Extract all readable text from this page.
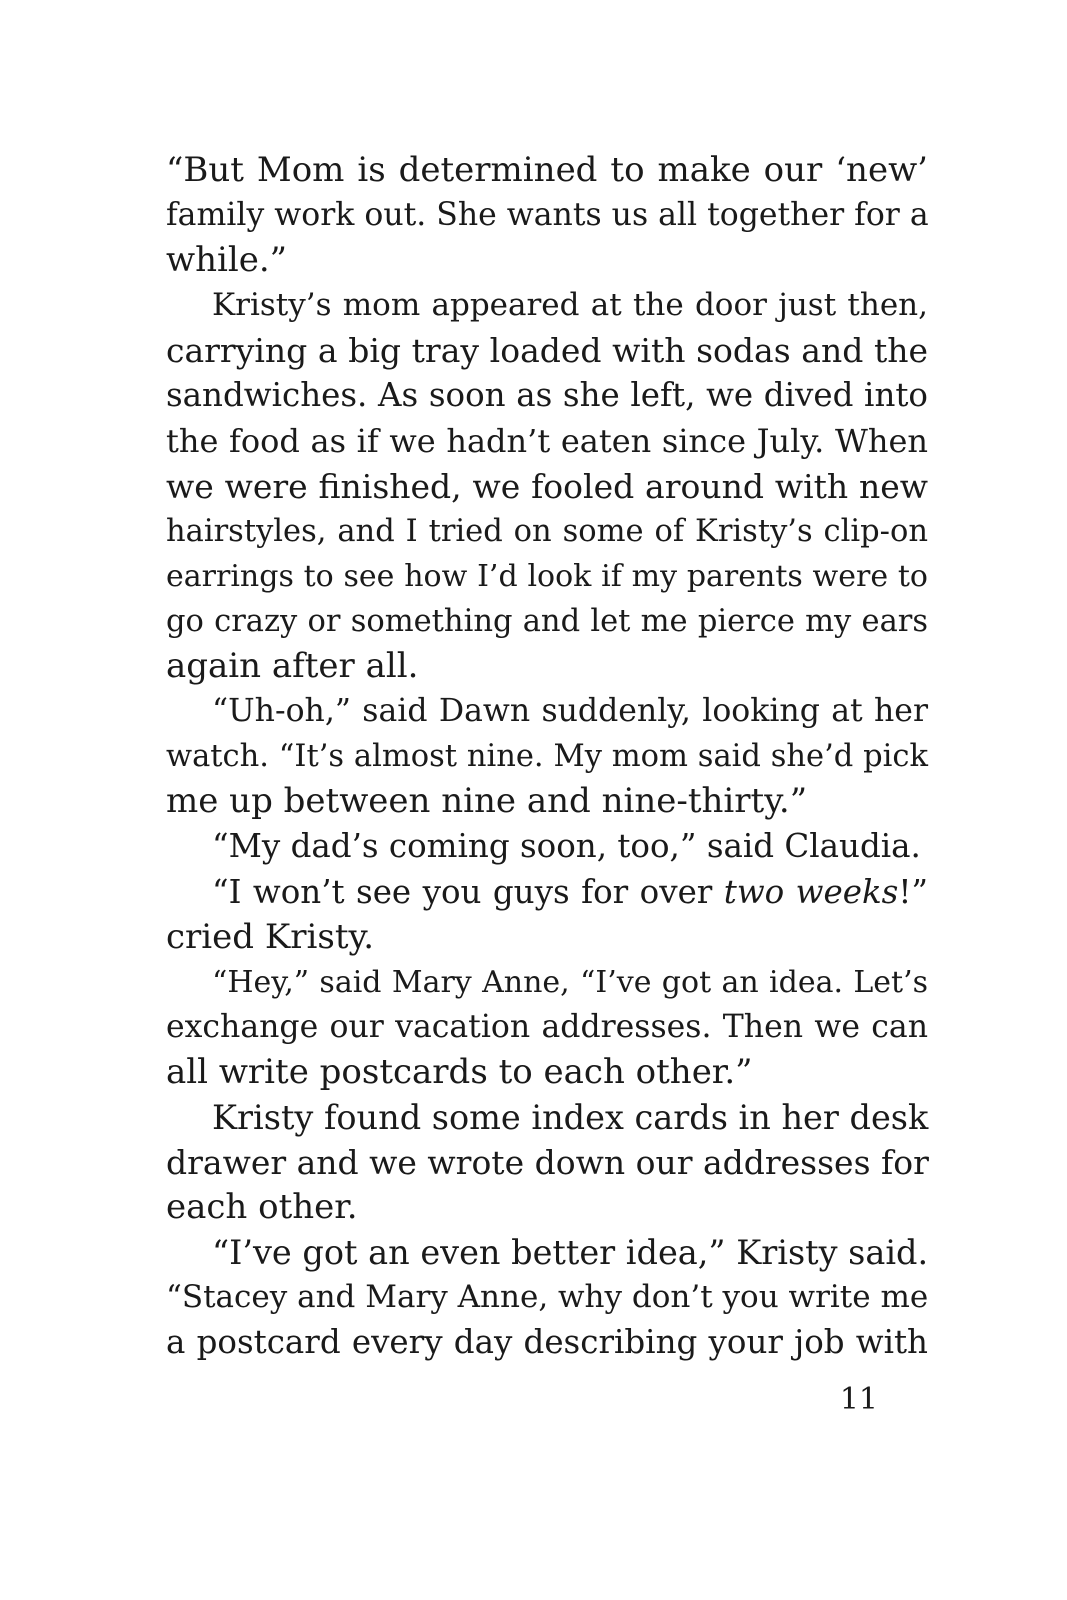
“But Mom is determined to make our ‘new’
family work out. She wants us all together for a
while.”
Kristy’s mom appeared at the door just then,
carrying a big tray loaded with sodas and the
sandwiches. As soon as she left, we dived into
the food as if we hadn’t eaten since July. When
we were finished, we fooled around with new
hairstyles, and I tried on some of Kristy’s clip-on
earrings to see how I’d look if my parents were to
go crazy or something and let me pierce my ears
again after all.
“Uh-oh,” said Dawn suddenly, looking at her
watch. “It’s almost nine. My mom said she’d pick
me up between nine and nine-thirty.”
“My dad’s coming soon, too,” said Claudia.
“I won’t see you guys for over two weeks!”
cried Kristy.
“Hey,” said Mary Anne, “I’ve got an idea. Let’s
exchange our vacation addresses. Then we can
all write postcards to each other.”
Kristy found some index cards in her desk
drawer and we wrote down our addresses for
each other.
“I’ve got an even better idea,” Kristy said.
“Stacey and Mary Anne, why don’t you write me
a postcard every day describing your job with
11
